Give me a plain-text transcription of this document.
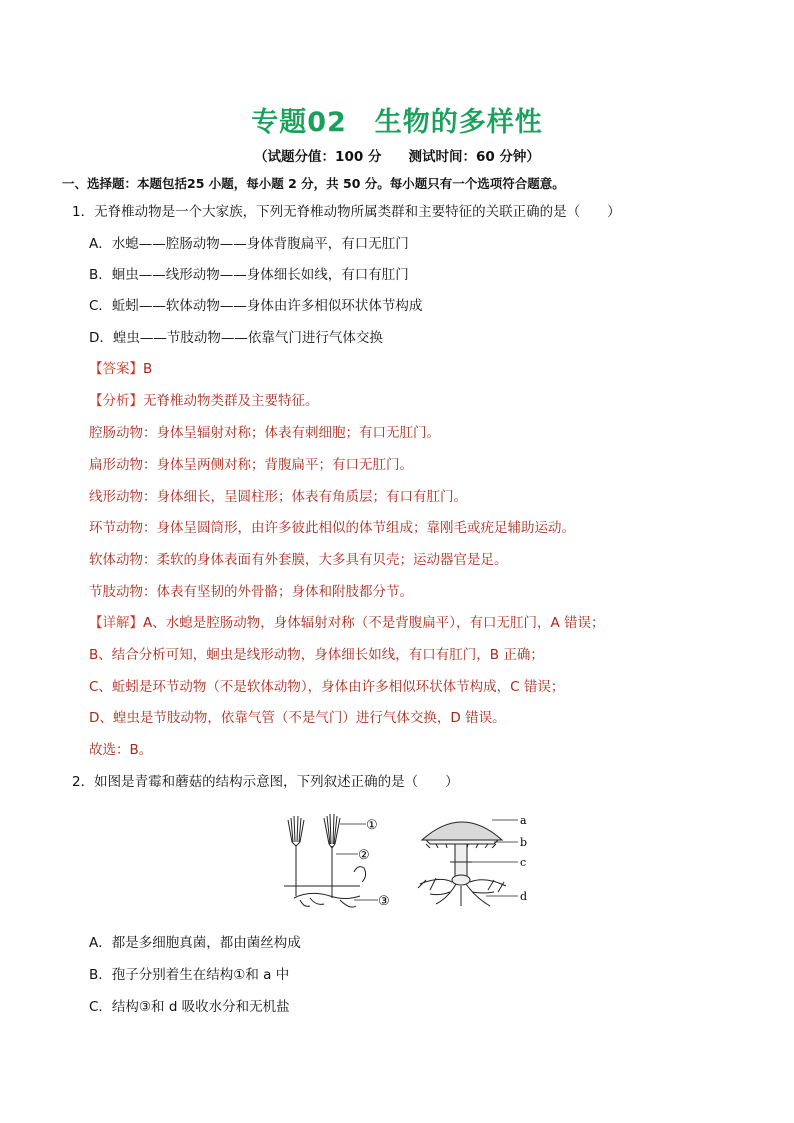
专题02　生物的多样性
（试题分值：100 分　　测试时间：60 分钟）
一、选择题：本题包括25 小题，每小题 2 分，共 50 分。每小题只有一个选项符合题意。
1．无脊椎动物是一个大家族，下列无脊椎动物所属类群和主要特征的关联正确的是（　　）
A．水螅——腔肠动物——身体背腹扁平，有口无肛门
B．蛔虫——线形动物——身体细长如线，有口有肛门
C．蚯蚓——软体动物——身体由许多相似环状体节构成
D．蝗虫——节肢动物——依靠气门进行气体交换
【答案】B
【分析】无脊椎动物类群及主要特征。
腔肠动物：身体呈辐射对称；体表有刺细胞；有口无肛门。
扁形动物：身体呈两侧对称；背腹扁平；有口无肛门。
线形动物：身体细长，呈圆柱形；体表有角质层；有口有肛门。
环节动物：身体呈圆筒形，由许多彼此相似的体节组成；靠刚毛或疣足辅助运动。
软体动物：柔软的身体表面有外套膜，大多具有贝壳；运动器官是足。
节肢动物：体表有坚韧的外骨骼；身体和附肢都分节。
【详解】A、水螅是腔肠动物，身体辐射对称（不是背腹扁平），有口无肛门，A 错误；
B、结合分析可知，蛔虫是线形动物，身体细长如线，有口有肛门，B 正确；
C、蚯蚓是环节动物（不是软体动物），身体由许多相似环状体节构成，C 错误；
D、蝗虫是节肢动物，依靠气管（不是气门）进行气体交换，D 错误。
故选：B。
2．如图是青霉和蘑菇的结构示意图，下列叙述正确的是（　　）
①
②
③
a
b
c
d
A．都是多细胞真菌，都由菌丝构成
B．孢子分别着生在结构①和 a 中
C．结构③和 d 吸收水分和无机盐
